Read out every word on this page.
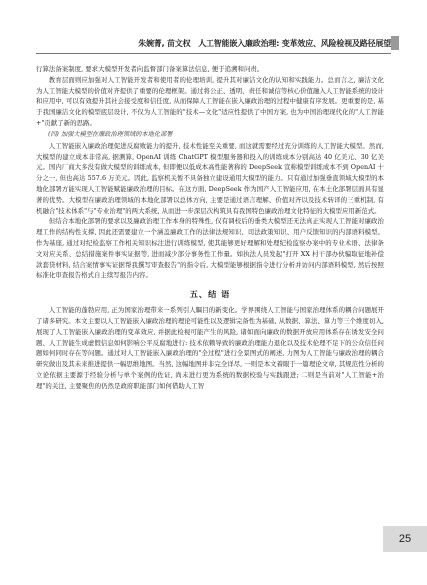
朱婉菁, 苗文权　人工智能嵌入廉政治理: 变革效应、风险检视及路径展望

行算法备案制度, 要求大模型开发者向监督部门备案算法信息, 便于追溯和问责。

教育层面则应加强对人工智能开发者和使用者的伦理培训, 提升其对廉洁文化的认知和实践能力。总而言之, 廉洁文化为人工智能大模型的价值对齐提供了重要的伦理框架。通过将公正、透明、责任和诚信等核心价值融入人工智能系统的设计和应用中, 可以有效提升其社会接受度和信任度, 从而保障人工智能在嵌入廉政治理的过程中健康有序发展。更重要的是, 基于我国廉洁文化的模型底层设计, 不仅为人工智能的"技术—文化"适应性提供了中国方案, 也为中国治理现代化的"人工智能+"贡献了新的思路。

(四) 加强大模型在廉政治理领域的本地化部署

人工智能嵌入廉政治理促进反腐败能力的提升, 技术性能至关重要, 而这就需要经过充分训练的人工智能大模型。然而, 大模型的建立成本非常高, 据测算, OpenAI 训练 ChatGPT 模型服务器和投入的训练成本分别高达 40 亿美元、30 亿美元。国内厂商大多没有做大模型的训练成本, 但即便以低成本高性能著称的 DeepSeek 宣称模型训练成本不到 OpenAI 十分之一, 但也高达 557.6 万美元。因此, 监察机关暂不具备独立建设通用大模型的能力。只有通过加强垂直领域大模型的本地化部署方能实现人工智能赋能廉政治理的目标。在这方面, DeepSeek 作为国产人工智能应用, 在本土化部署层面具有显著的优势。大模型在廉政治理领域的本地化部署以总体方向, 主要是通过语言理解、价值对齐以及技术转译的三重机制, 有机融合"技术体系"与"专业治理"的两大系统, 从而进一步深层次构筑具有我国特色廉政治理文化特征的大模型应用新范式。

但结合本地化部署的要求以及廉政治理工作本身的特殊性, 仅有调校后的垂类大模型还无法真正实现人工智能对廉政治理工作的结构性支撑, 因此还需要建立一个涵盖廉政工作的法律法规知识、司法政策知识、用户反馈知识的内部语料模型。作为基座, 通过对纪检监察工作相关知识标注进行训练模型, 使其能够更好理解和处理纪检监察办案中的专业术语、法律条文对应关系、总结措施案件事实证据等, 进而减少部分事务性工作量。如执法人员发起"打开 XX 村干部办伙骗取征地补偿款套贷材料, 结合案情事实证据帮我撰写审查报告"的指令后, 大模型能够根据指令进行分析并访问内部语料模型, 然后按照标准化审查报告格式自主续写报告内容。

五、结 语

人工智能的蓬勃应用, 正为国家治理带来一系列引人瞩目的新变化。学界围绕人工智能与国家治理体系的耦合问题展开了诸多研究。本文主要以人工智能嵌入廉政治理的理论可能性以及逻辑完备性为基础, 从数据、算法、算力等三个维度切入, 展现了人工智能嵌入廉政治理的变革效应, 并据此检视可能产生的风险, 诸如面向廉政的数据开放应用体系存在诱发安全问题、人工智能生成虚假信息如何影响公平反腐地进行: 技术依赖导致的廉政治理能力退化以及技术伦理不足下的公众信任问题如何同时存在等问题。通过对人工智能嵌入廉政治理的"全过程"进行全景图式的阐述, 力图为人工智能与廉政治理的耦合研究做出及其未来推进提供一幅思维地图。当然, 这幅地图并非完全详尽, 一则是本文着眼于一篇理论文章, 其规范性分析的立论依据主要源于经验分析与单个案例的佐证, 尚未进行更为系统的数据校验与实践跟进; 二则是当前对"人工智能+治理"的关注, 主要聚焦的仍然是政府职能部门如何借助人工智

25
